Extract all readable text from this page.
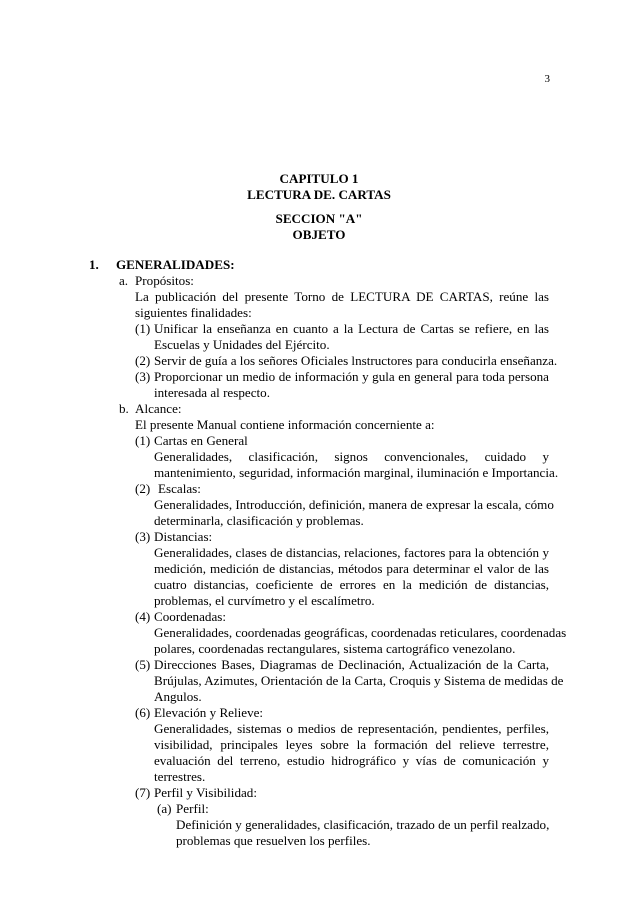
3
CAPITULO 1
LECTURA DE. CARTAS
SECCION "A"
OBJETO
1. GENERALIDADES:
a. Propósitos:
La publicación del presente Torno de LECTURA DE CARTAS, reúne las
siguientes finalidades:
(1) Unificar la enseñanza en cuanto a la Lectura de Cartas se refiere, en las
Escuelas y Unidades del Ejército.
(2) Servir de guía a los señores Oficiales lnstructores para conducirla enseñanza.
(3) Proporcionar un medio de información y gula en general para toda persona
interesada al respecto.
b. Alcance:
El presente Manual contiene información concerniente a:
(1) Cartas en General
Generalidades, clasificación, signos convencionales, cuidado y
mantenimiento, seguridad, información marginal, iluminación e Importancia.
(2) Escalas:
Generalidades, Introducción, definición, manera de expresar la escala, cómo
determinarla, clasificación y problemas.
(3) Distancias:
Generalidades, clases de distancias, relaciones, factores para la obtención y
medición, medición de distancias, métodos para determinar el valor de las
cuatro distancias, coeficiente de errores en la medición de distancias,
problemas, el curvímetro y el escalímetro.
(4) Coordenadas:
Generalidades, coordenadas geográficas, coordenadas reticulares, coordenadas
polares, coordenadas rectangulares, sistema cartográfico venezolano.
(5) Direcciones Bases, Diagramas de Declinación, Actualización de la Carta,
Brújulas, Azimutes, Orientación de la Carta, Croquis y Sistema de medidas de
Angulos.
(6) Elevación y Relieve:
Generalidades, sistemas o medios de representación, pendientes, perfiles,
visibilidad, principales leyes sobre la formación del relieve terrestre,
evaluación del terreno, estudio hidrográfico y vías de comunicación y
terrestres.
(7) Perfil y Visibilidad:
(a) Perfil:
Definición y generalidades, clasificación, trazado de un perfil realzado,
problemas que resuelven los perfiles.
